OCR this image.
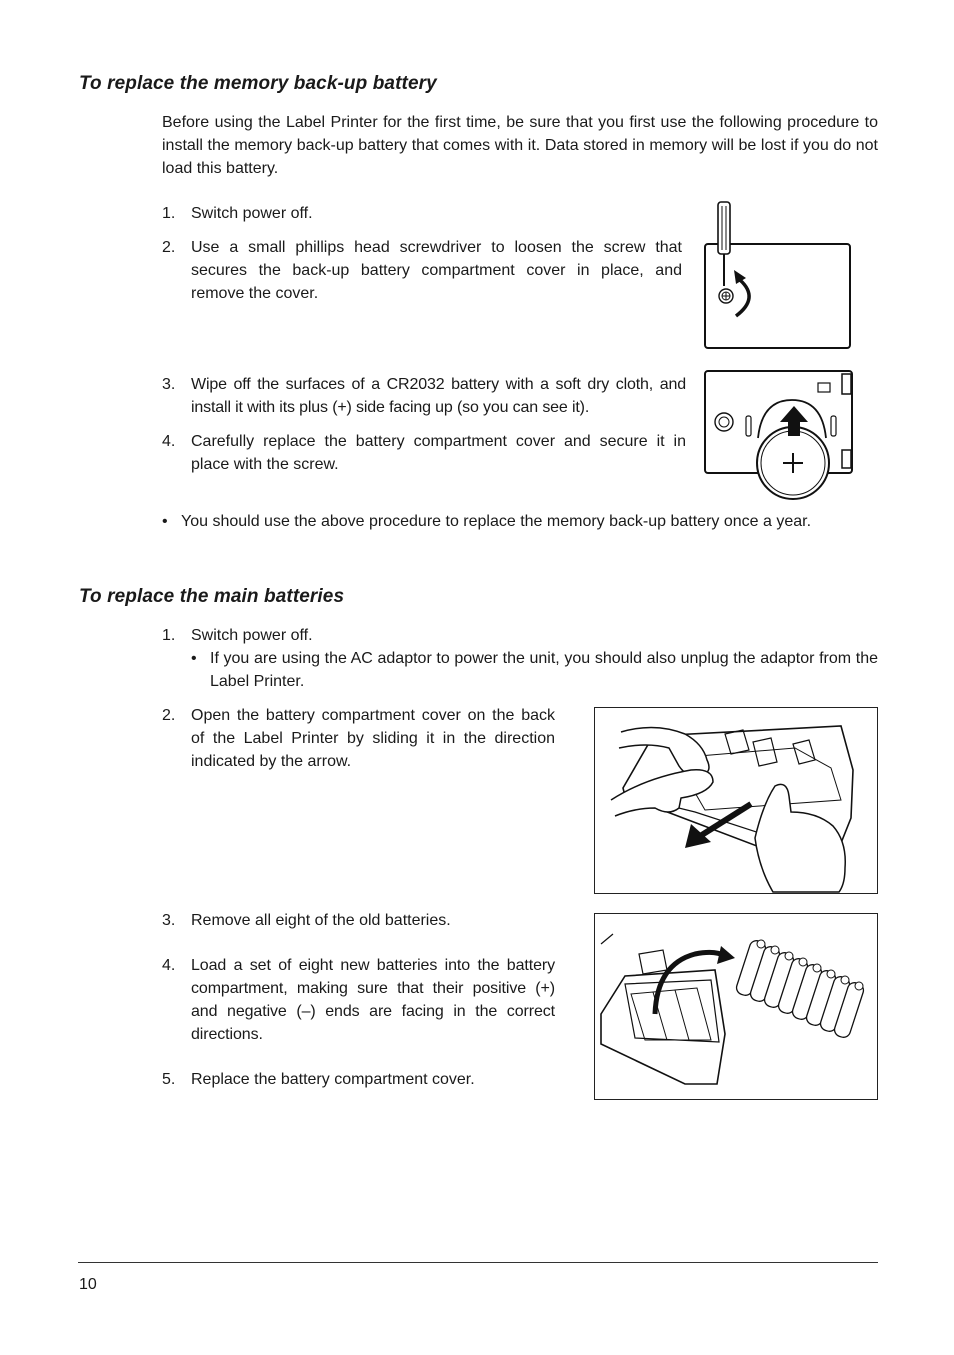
To replace the memory back-up battery

Before using the Label Printer for the first time, be sure that you first use the following procedure to install the memory back-up battery that comes with it. Data stored in memory will be lost if you do not load this battery.

1. Switch power off.
2. Use a small phillips head screwdriver to loosen the screw that secures the back-up battery compartment cover in place, and remove the cover.
3. Wipe off the surfaces of a CR2032 battery with a soft dry cloth, and install it with its plus (+) side facing up (so you can see it).
4. Carefully replace the battery compartment cover and secure it in place with the screw.
• You should use the above procedure to replace the memory back-up battery once a year.
To replace the main batteries
1. Switch power off.
• If you are using the AC adaptor to power the unit, you should also unplug the adaptor from the Label Printer.
2. Open the battery compartment cover on the back of the Label Printer by sliding it in the direction indicated by the arrow.
3. Remove all eight of the old batteries.
4. Load a set of eight new batteries into the battery compartment, making sure that their positive (+) and negative (–) ends are facing in the correct directions.
5. Replace the battery compartment cover.
10
